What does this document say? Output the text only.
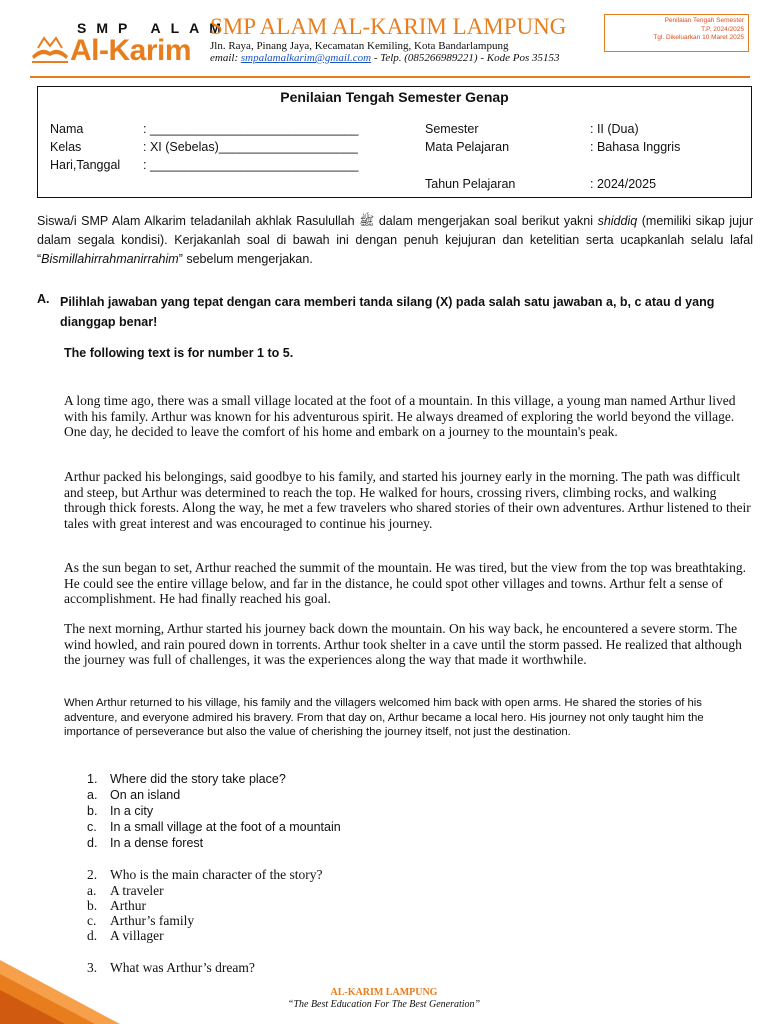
SMP ALAM
Al-Karim
SMP ALAM AL-KARIM LAMPUNG
Jln. Raya, Pinang Jaya, Kecamatan Kemiling, Kota Bandarlampung
email: smpalamalkarim@gmail.com - Telp. (085266989221) - Kode Pos 35153
Penilaian Tengah Semester
T.P. 2024/2025
Tgl. Dikeluarkan 10 Maret 2025
Penilaian Tengah Semester Genap
Nama	: ______________________________
Kelas	: XI (Sebelas)____________________
Hari,Tanggal : ______________________________
Semester	: II (Dua)
Mata Pelajaran	: Bahasa Inggris
Tahun Pelajaran	: 2024/2025
Siswa/i SMP Alam Alkarim teladanilah akhlak Rasulullah ﷺ dalam mengerjakan soal berikut yakni shiddiq (memiliki sikap jujur dalam segala kondisi). Kerjakanlah soal di bawah ini dengan penuh kejujuran dan ketelitian serta ucapkanlah selalu lafal “Bismillahirrahmanirrahim” sebelum mengerjakan.
A. Pilihlah jawaban yang tepat dengan cara memberi tanda silang (X) pada salah satu jawaban a, b, c atau d yang dianggap benar!
The following text is for number 1 to 5.
A long time ago, there was a small village located at the foot of a mountain. In this village, a young man named Arthur lived with his family. Arthur was known for his adventurous spirit. He always dreamed of exploring the world beyond the village. One day, he decided to leave the comfort of his home and embark on a journey to the mountain's peak.
Arthur packed his belongings, said goodbye to his family, and started his journey early in the morning. The path was difficult and steep, but Arthur was determined to reach the top. He walked for hours, crossing rivers, climbing rocks, and walking through thick forests. Along the way, he met a few travelers who shared stories of their own adventures. Arthur listened to their tales with great interest and was encouraged to continue his journey.
As the sun began to set, Arthur reached the summit of the mountain. He was tired, but the view from the top was breathtaking. He could see the entire village below, and far in the distance, he could spot other villages and towns. Arthur felt a sense of accomplishment. He had finally reached his goal.
The next morning, Arthur started his journey back down the mountain. On his way back, he encountered a severe storm. The wind howled, and rain poured down in torrents. Arthur took shelter in a cave until the storm passed. He realized that although the journey was full of challenges, it was the experiences along the way that made it worthwhile.
When Arthur returned to his village, his family and the villagers welcomed him back with open arms. He shared the stories of his adventure, and everyone admired his bravery. From that day on, Arthur became a local hero. His journey not only taught him the importance of perseverance but also the value of cherishing the journey itself, not just the destination.
1. Where did the story take place?
a. On an island
b. In a city
c. In a small village at the foot of a mountain
d. In a dense forest
2. Who is the main character of the story?
a. A traveler
b. Arthur
c. Arthur’s family
d. A villager
3. What was Arthur’s dream?
AL-KARIM LAMPUNG
“The Best Education For The Best Generation”
